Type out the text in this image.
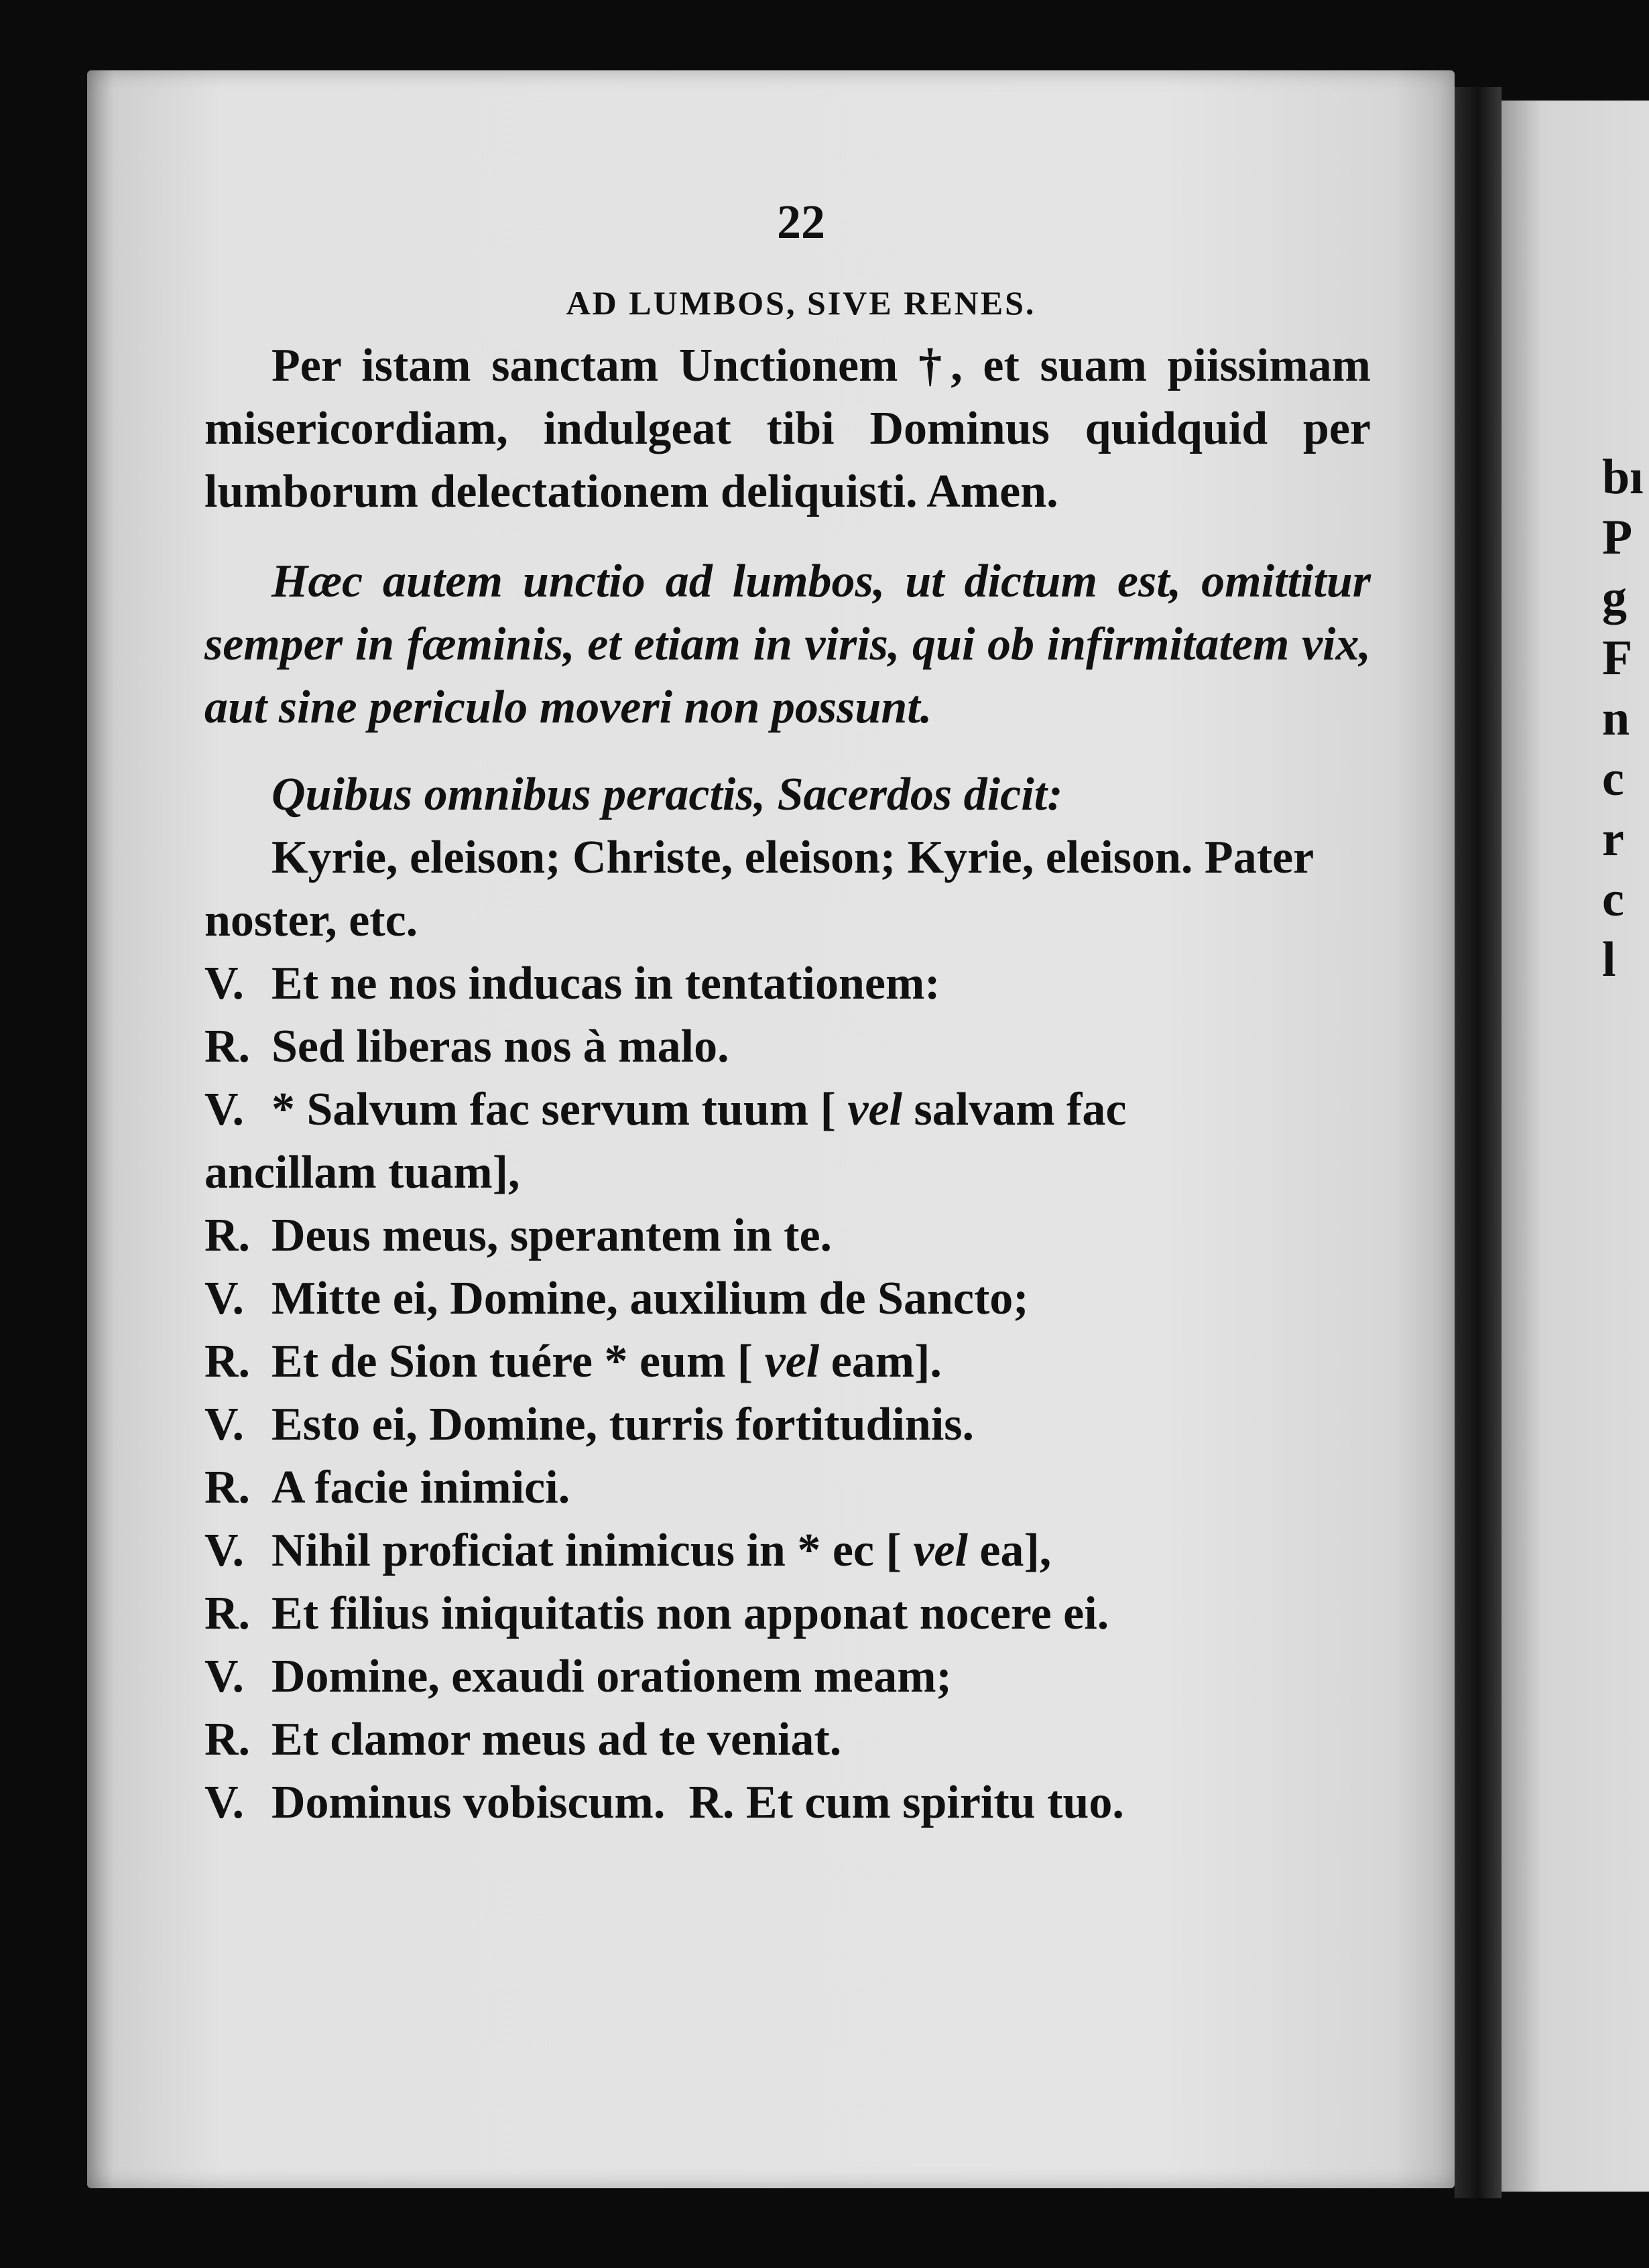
bı
P
g
F
n
c
r
c
l
22
AD LUMBOS, SIVE RENES.

Per istam sanctam Unctionem †, et suam piissimam misericordiam, indulgeat tibi Dominus quidquid per lumborum delectationem deliquisti. Amen.

Hæc autem unctio ad lumbos, ut dictum est, omittitur semper in fæminis, et etiam in viris, qui ob infirmitatem vix, aut sine periculo moveri non possunt.

Quibus omnibus peractis, Sacerdos dicit:

Kyrie, eleison; Christe, eleison; Kyrie, eleison. Pater noster, etc.

V. Et ne nos inducas in tentationem:
R. Sed liberas nos à malo.
V. * Salvum fac servum tuum [ vel salvam fac
ancillam tuam],
R. Deus meus, sperantem in te.
V. Mitte ei, Domine, auxilium de Sancto;
R. Et de Sion tuére * eum [ vel eam].
V. Esto ei, Domine, turris fortitudinis.
R. A facie inimici.
V. Nihil proficiat inimicus in * ec [ vel ea],
R. Et filius iniquitatis non apponat nocere ei.
V. Domine, exaudi orationem meam;
R. Et clamor meus ad te veniat.
V. Dominus vobiscum. R. Et cum spiritu tuo.
